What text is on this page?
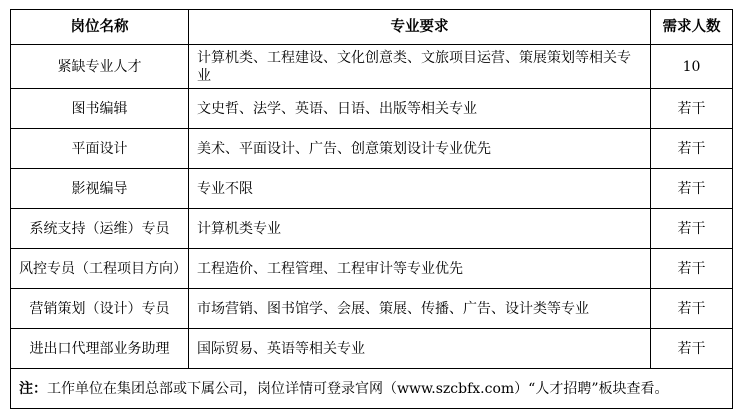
岗位名称	专业要求	需求人数
紧缺专业人才	计算机类、工程建设、文化创意类、文旅项目运营、策展策划等相关专业	10
图书编辑	文史哲、法学、英语、日语、出版等相关专业	若干
平面设计	美术、平面设计、广告、创意策划设计专业优先	若干
影视编导	专业不限	若干
系统支持（运维）专员	计算机类专业	若干
风控专员（工程项目方向）	工程造价、工程管理、工程审计等专业优先	若干
营销策划（设计）专员	市场营销、图书馆学、会展、策展、传播、广告、设计类等专业	若干
进出口代理部业务助理	国际贸易、英语等相关专业	若干
注：工作单位在集团总部或下属公司，岗位详情可登录官网（www.szcbfx.com）“人才招聘”板块查看。		
